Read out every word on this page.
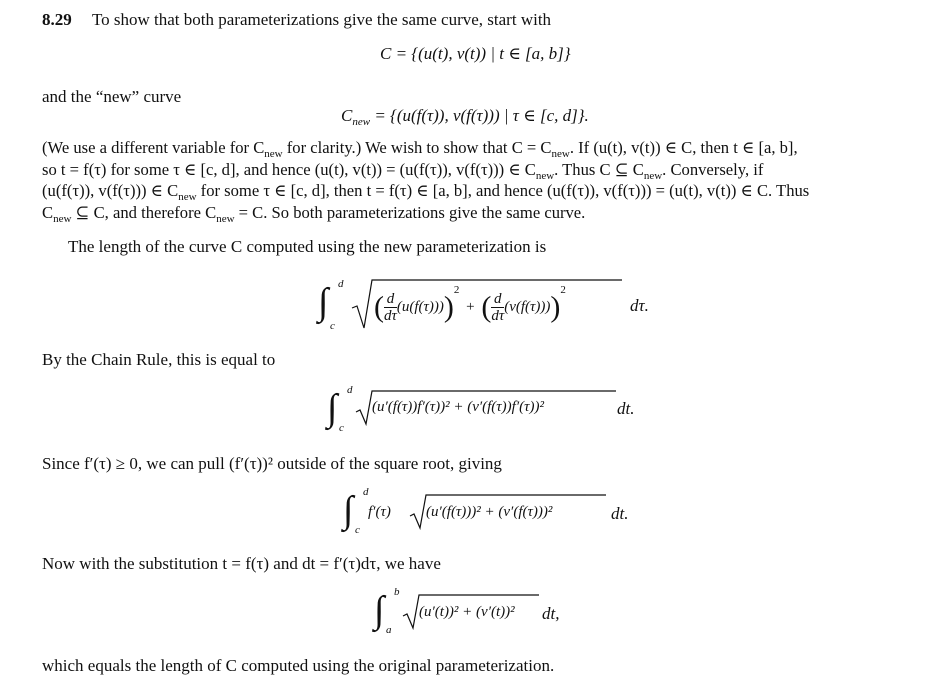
8.29 To show that both parameterizations give the same curve, start with
C = {(u(t), v(t)) | t ∈ [a, b]}
and the “new” curve
$C_{new} = \{(u(f(\tau))$, v(f(τ))) | τ ∈ [c, d]}.
(We use a different variable for $C_{new}$ for clarity.) We wish to show that $C = C_{new}$. If (u(t), v(t)) ∈ C, then t ∈ [a, b],
so t = f(τ) for some τ ∈ [c, d], and hence (u(t), v(t)) = (u(f(τ)), v(f(τ))) ∈ $C_{new}$. Thus C ⊆ $C_{new}$. Conversely, if
(u(f(τ)), v(f(τ))) ∈ $C_{new}$ for some τ ∈ [c, d], then t = f(τ) ∈ [a, b], and hence (u(f(τ)), v(f(τ))) = (u(t), v(t)) ∈ C. Thus
$C_{new}$ ⊆ C, and therefore $C_{new} = C$. So both parameterizations give the same curve.
The length of the curve C computed using the new parameterization is
∫ d
c
( $\frac{d}{d\tau} (u(f(\tau))))^2$ + ( $\frac{d}{d\tau} (v(f(\tau))))^2$
dτ.
By the Chain Rule, this is equal to
∫ d
c
(u′(f(τ))f′(τ))² + (v′(f(τ))f′(τ))²	dt.
Since f′(τ) ≥ 0, we can pull (f′(τ))² outside of the square root, giving
∫ d
c
f′(τ) (u′(f(τ)))² + (v′(f(τ)))²	dt.
Now with the substitution t = f(τ) and dt = f′(τ)dτ, we have
∫ b
a
(u′(t))² + (v′(t))² dt,
which equals the length of C computed using the original parameterization.
